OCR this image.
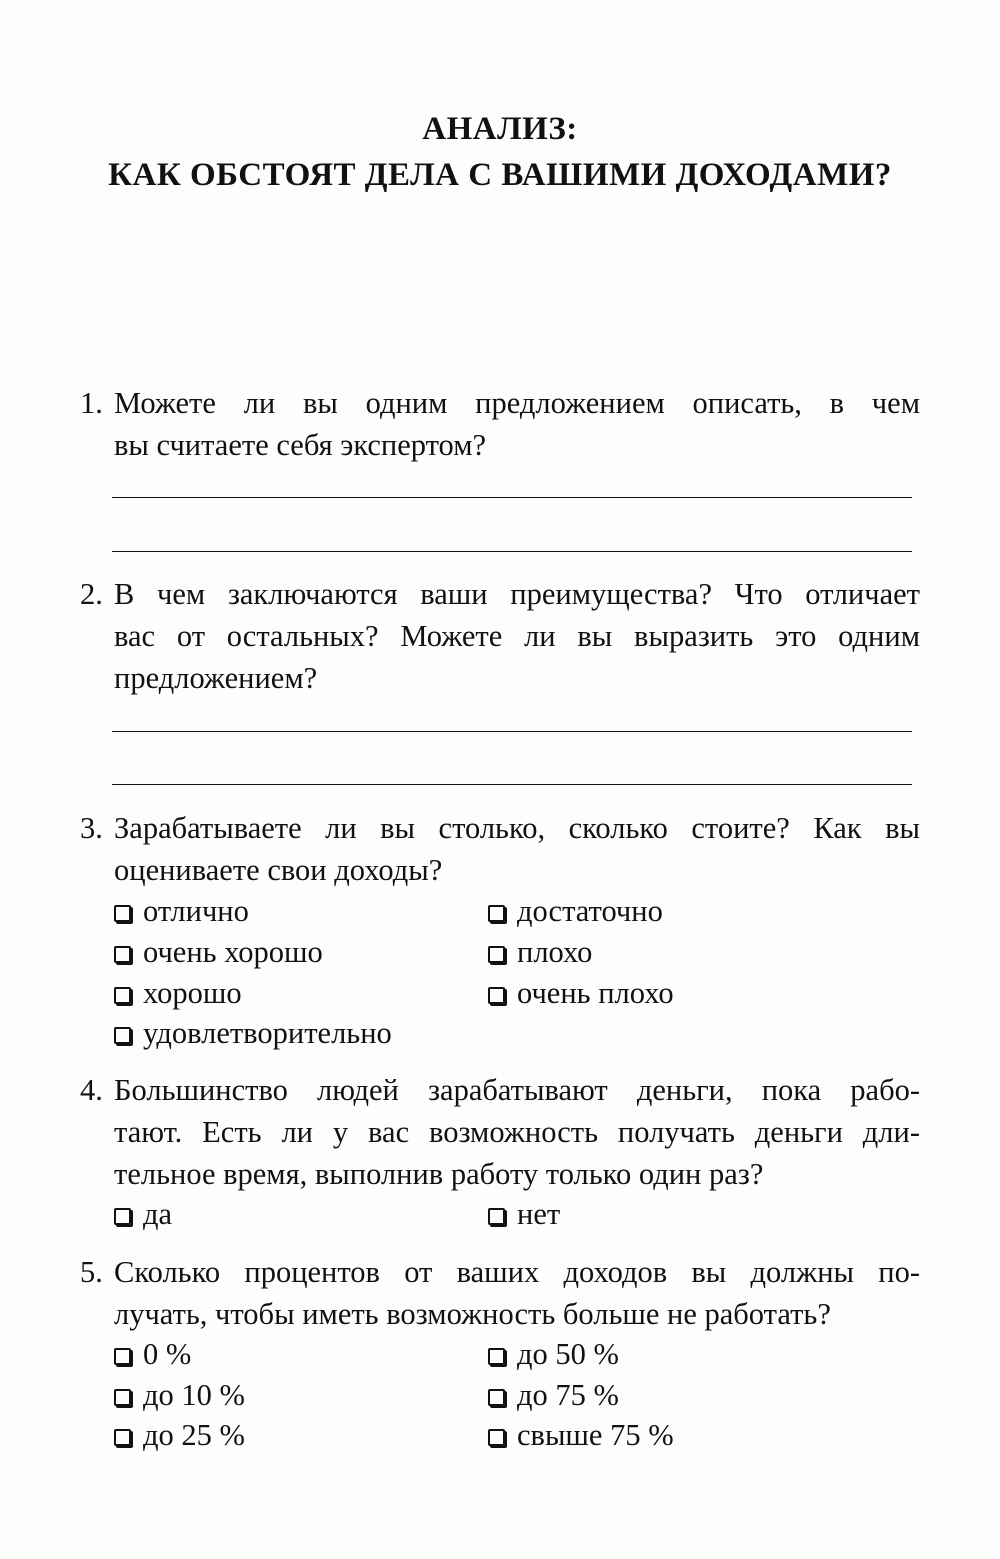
АНАЛИЗ:
КАК ОБСТОЯТ ДЕЛА С ВАШИМИ ДОХОДАМИ?
1. Можете ли вы одним предложением описать, в чем
вы считаете себя экспертом?
2. В чем заключаются ваши преимущества? Что отличает
вас от остальных? Можете ли вы выразить это одним
предложением?
3. Зарабатываете ли вы столько, сколько стоите? Как вы
оцениваете свои доходы?
отлично
очень хорошо
хорошо
удовлетворительно
достаточно
плохо
очень плохо
4. Большинство людей зарабатывают деньги, пока рабо-
тают. Есть ли у вас возможность получать деньги дли-
тельное время, выполнив работу только один раз?
да	нет
5. Сколько процентов от ваших доходов вы должны по-
лучать, чтобы иметь возможность больше не работать?
0 %
до 10 %
до 25 %
до 50 %
до 75 %
свыше 75 %
